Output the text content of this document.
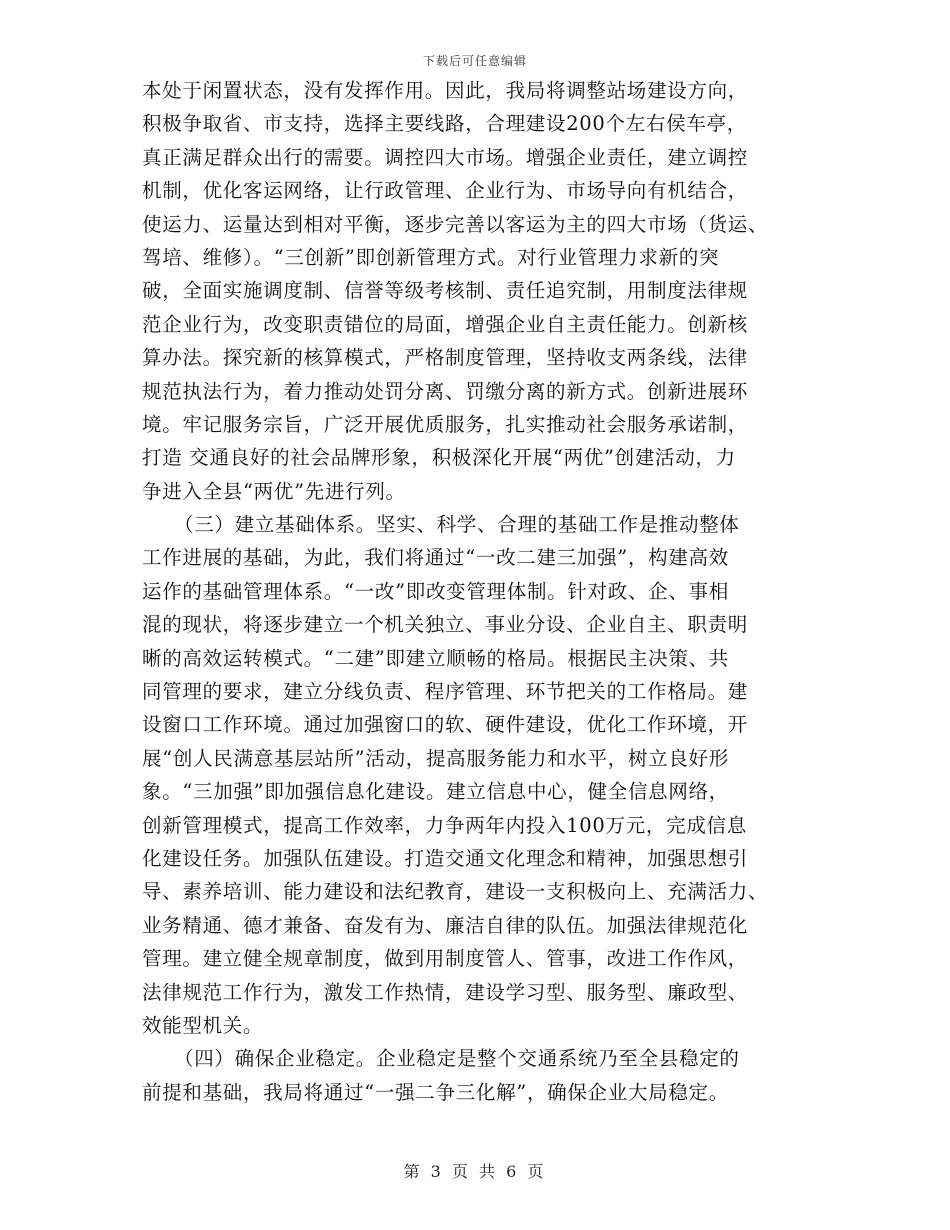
下载后可任意编辑
本处于闲置状态，没有发挥作用。因此，我局将调整站场建设方向，
积极争取省、市支持，选择主要线路，合理建设200个左右侯车亭，
真正满足群众出行的需要。调控四大市场。增强企业责任，建立调控
机制，优化客运网络，让行政管理、企业行为、市场导向有机结合，
使运力、运量达到相对平衡，逐步完善以客运为主的四大市场（货运、
驾培、维修）。“三创新”即创新管理方式。对行业管理力求新的突
破，全面实施调度制、信誉等级考核制、责任追究制，用制度法律规
范企业行为，改变职责错位的局面，增强企业自主责任能力。创新核
算办法。探究新的核算模式，严格制度管理，坚持收支两条线，法律
规范执法行为，着力推动处罚分离、罚缴分离的新方式。创新进展环
境。牢记服务宗旨，广泛开展优质服务，扎实推动社会服务承诺制，
打造 交通良好的社会品牌形象，积极深化开展“两优”创建活动，力
争进入全县“两优”先进行列。
（三）建立基础体系。坚实、科学、合理的基础工作是推动整体
工作进展的基础，为此，我们将通过“一改二建三加强”，构建高效
运作的基础管理体系。“一改”即改变管理体制。针对政、企、事相
混的现状，将逐步建立一个机关独立、事业分设、企业自主、职责明
晰的高效运转模式。“二建”即建立顺畅的格局。根据民主决策、共
同管理的要求，建立分线负责、程序管理、环节把关的工作格局。建
设窗口工作环境。通过加强窗口的软、硬件建设，优化工作环境，开
展“创人民满意基层站所”活动，提高服务能力和水平，树立良好形
象。“三加强”即加强信息化建设。建立信息中心，健全信息网络，
创新管理模式，提高工作效率，力争两年内投入100万元，完成信息
化建设任务。加强队伍建设。打造交通文化理念和精神，加强思想引
导、素养培训、能力建设和法纪教育，建设一支积极向上、充满活力、
业务精通、德才兼备、奋发有为、廉洁自律的队伍。加强法律规范化
管理。建立健全规章制度，做到用制度管人、管事，改进工作作风，
法律规范工作行为，激发工作热情，建设学习型、服务型、廉政型、
效能型机关。
（四）确保企业稳定。企业稳定是整个交通系统乃至全县稳定的
前提和基础，我局将通过“一强二争三化解”，确保企业大局稳定。
第 3 页 共 6 页
